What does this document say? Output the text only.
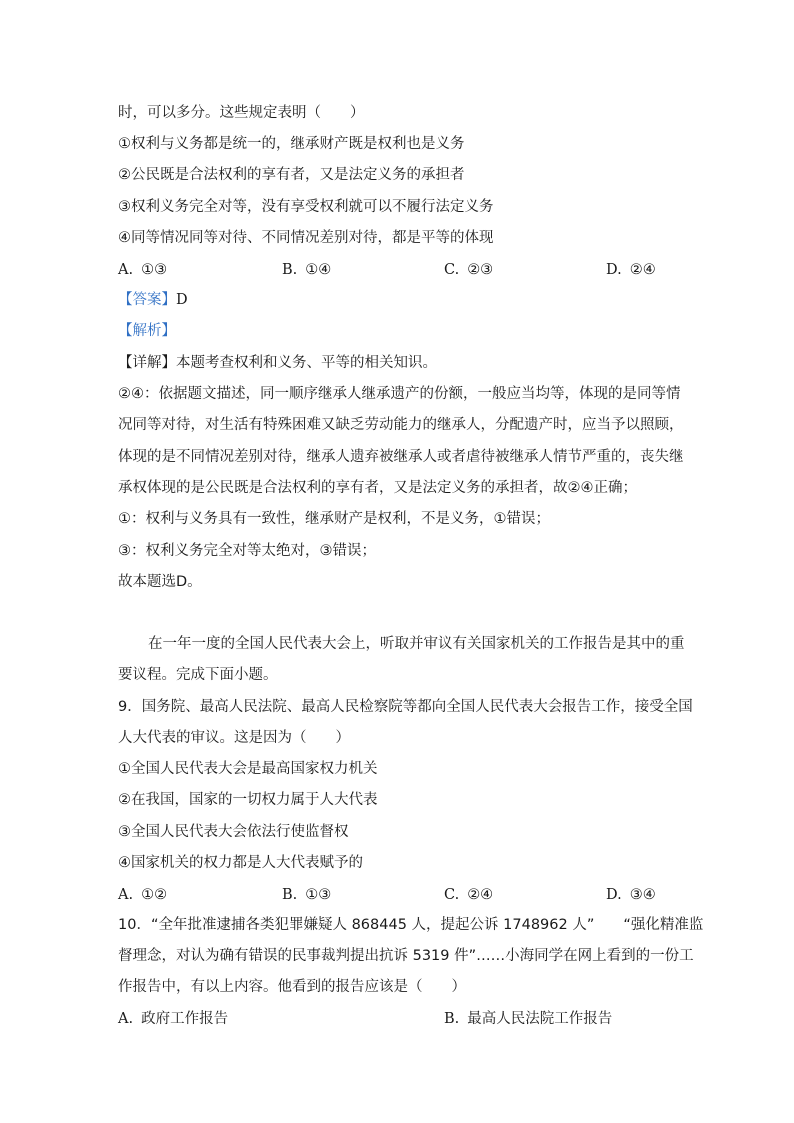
时，可以多分。这些规定表明（　　）
①权利与义务都是统一的，继承财产既是权利也是义务
②公民既是合法权利的享有者，又是法定义务的承担者
③权利义务完全对等，没有享受权利就可以不履行法定义务
④同等情况同等对待、不同情况差别对待，都是平等的体现
A. ①③	B. ①④	C. ②③	D. ②④
【答案】D
【解析】
【详解】本题考查权利和义务、平等的相关知识。
②④：依据题文描述，同一顺序继承人继承遗产的份额，一般应当均等，体现的是同等情
况同等对待，对生活有特殊困难又缺乏劳动能力的继承人，分配遗产时，应当予以照顾，
体现的是不同情况差别对待，继承人遗弃被继承人或者虐待被继承人情节严重的，丧失继
承权体现的是公民既是合法权利的享有者，又是法定义务的承担者，故②④正确；
①：权利与义务具有一致性，继承财产是权利，不是义务，①错误；
③：权利义务完全对等太绝对，③错误；
故本题选D。
在一年一度的全国人民代表大会上，听取并审议有关国家机关的工作报告是其中的重
要议程。完成下面小题。
9．国务院、最高人民法院、最高人民检察院等都向全国人民代表大会报告工作，接受全国
人大代表的审议。这是因为（　　）
①全国人民代表大会是最高国家权力机关
②在我国，国家的一切权力属于人大代表
③全国人民代表大会依法行使监督权
④国家机关的权力都是人大代表赋予的
A. ①②	B. ①③	C. ②④	D. ③④
10．“全年批准逮捕各类犯罪嫌疑人 868445 人，提起公诉 1748962 人”　　“强化精准监
督理念，对认为确有错误的民事裁判提出抗诉 5319 件”……小海同学在网上看到的一份工
作报告中，有以上内容。他看到的报告应该是（　　）
A. 政府工作报告	B. 最高人民法院工作报告
